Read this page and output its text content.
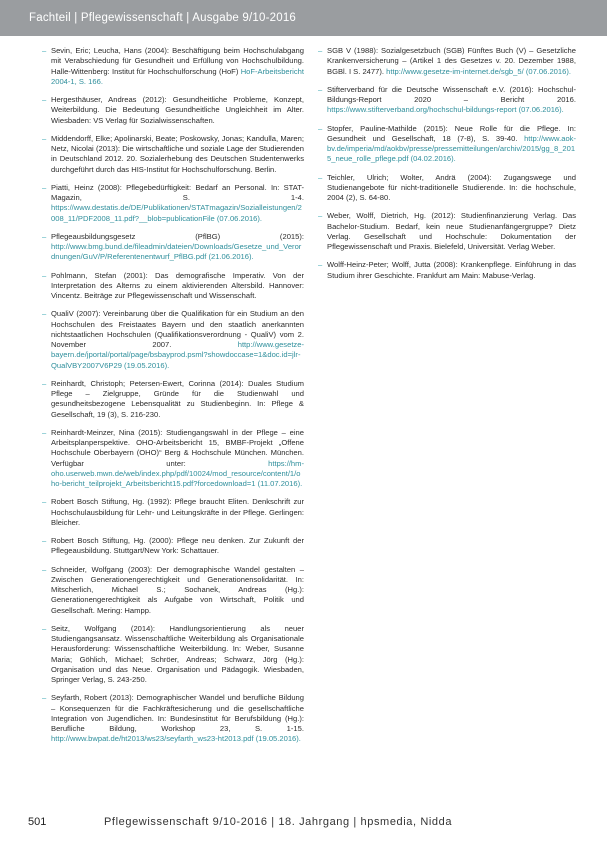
Fachteil | Pflegewissenschaft | Ausgabe 9/10-2016
– Sevin, Eric; Leucha, Hans (2004): Beschäftigung beim Hochschulabgang mit Verabschiedung für Gesundheit und Erfüllung von Hochschulbildung. Halle-Wittenberg: Institut für Hochschulforschung (HoF) HoF-Arbeitsbericht 2004-1, S. 166.
– Hergesthäuser, Andreas (2012): Gesundheitliche Probleme, Konzept, Weiterbildung. Die Bedeutung Gesundheitliche Ungleichheit im Alter. Wiesbaden: VS Verlag für Sozialwissenschaften.
– Middendorff, Elke; Apolinarski, Beate; Poskowsky, Jonas; Kandulla, Maren; Netz, Nicolai (2013): Die wirtschaftliche und soziale Lage der Studierenden in Deutschland 2012. 20. Sozialerhebung des Deutschen Studentenwerks durchgeführt durch das HIS-Institut für Hochschulforschung. Berlin.
– Piatti, Heinz (2008): Pflegebedürftigkeit: Bedarf an Personal. In: STAT-Magazin, S. 1-4. https://www.destatis.de/DE/Publikationen/STATmagazin/Sozialleistungen/2008_11/PDF2008_11.pdf?__blob=publicationFile (07.06.2016).
– Pflegeausbildungsgesetz (PflBG) (2015): http://www.bmg.bund.de/fileadmin/dateien/Downloads/Gesetze_und_Verordnungen/GuV/P/Referentenentwurf_PflBG.pdf (21.06.2016).
– Pohlmann, Stefan (2001): Das demografische Imperativ. Von der Interpretation des Alterns zu einem aktivierenden Altersbild. Hannover: Vincentz. Beiträge zur Pflegewissenschaft und Wissenschaft.
– QualiV (2007): Vereinbarung über die Qualifikation für ein Studium an den Hochschulen des Freistaates Bayern und den staatlich anerkannten nichtstaatlichen Hochschulen (Qualifikationsverordnung - QualiV) vom 2. November 2007.	http://www.gesetze-bayern.de/jportal/portal/page/bsbayprod.psml?showdoccase=1&doc.id=jlr-QualVBY2007V6P29 (19.05.2016).
– Reinhardt, Christoph; Petersen-Ewert, Corinna (2014): Duales Studium Pflege – Zielgruppe, Gründe für die Studienwahl und gesundheitsbezogene Lebensqualität zu Studienbeginn. In: Pflege & Gesellschaft, 19 (3), S. 216-230.
– Reinhardt-Meinzer, Nina (2015): Studiengangswahl in der Pflege – eine Arbeitsplanperspektive. OHO-Arbeitsbericht 15, BMBF-Projekt „Offene Hochschule Oberbayern (OHO)“ Berg & Hochschule München. München. Verfügbar unter:	https://hm-oho.userweb.mwn.de/web/index.php/pdf/10024/mod_resource/content/1/oho-bericht_teilprojekt_Arbeitsbericht15.pdf?forcedownload=1 (11.07.2016).
– Robert Bosch Stiftung, Hg. (1992): Pflege braucht Eliten. Denkschrift zur Hochschulausbildung für Lehr- und Leitungskräfte in der Pflege. Gerlingen: Bleicher.
– Robert Bosch Stiftung, Hg. (2000): Pflege neu denken. Zur Zukunft der Pflegeausbildung. Stuttgart/New York: Schattauer.
– Schneider, Wolfgang (2003): Der demographische Wandel gestalten – Zwischen Generationengerechtigkeit und Generationensolidarität. In: Mitscherlich, Michael S.; Sochanek, Andreas (Hg.): Generationengerechtigkeit als Aufgabe von Wirtschaft, Politik und Gesellschaft. Mering: Hampp.
– Seitz, Wolfgang (2014): Handlungsorientierung als neuer Studiengangsansatz. Wissenschaftliche Weiterbildung als Organisationale Herausforderung: Wissenschaftliche Weiterbildung. In: Weber, Susanne Maria; Göhlich, Michael; Schröer, Andreas; Schwarz, Jörg (Hg.): Organisation und das Neue. Organisation und Pädagogik. Wiesbaden, Springer Verlag, S. 243-250.
– Seyfarth, Robert (2013): Demographischer Wandel und berufliche Bildung – Konsequenzen für die Fachkräftesicherung und die gesellschaftliche Integration von Jugendlichen. In: Bundesinstitut für Berufsbildung (Hg.): Berufliche Bildung, Workshop 23, S. 1-15. http://www.bwpat.de/ht2013/ws23/seyfarth_ws23-ht2013.pdf (19.05.2016).
– SGB V (1988): Sozialgesetzbuch (SGB) Fünftes Buch (V) – Gesetzliche Krankenversicherung – (Artikel 1 des Gesetzes v. 20. Dezember 1988, BGBl. I S. 2477). http://www.gesetze-im-internet.de/sgb_5/ (07.06.2016).
– Stifterverband für die Deutsche Wissenschaft e.V. (2016): Hochschul-Bildungs-Report 2020 – Bericht 2016. https://www.stifterverband.org/hochschul-bildungs-report (07.06.2016).
– Stopfer, Pauline-Mathilde (2015): Neue Rolle für die Pflege. In: Gesundheit und Gesellschaft, 18 (7-8), S. 39-40. http://www.aok-bv.de/imperia/md/aokbv/presse/pressemitteilungen/archiv/2015/gg_8_2015_neue_rolle_pflege.pdf (04.02.2016).
– Teichler, Ulrich; Wolter, Andrä (2004): Zugangswege und Studienangebote für nicht-traditionelle Studierende. In: die hochschule, 2004 (2), S. 64-80.
– Weber, Wolff, Dietrich, Hg. (2012): Studienfinanzierung Verlag. Das Bachelor-Studium. Bedarf, kein neue Studienanfängergruppe? Dietz Verlag. Gesellschaft und Hochschule: Dokumentation der Pflegewissenschaft und Praxis. Bielefeld, Universität. Verlag Weber.
– Wolff-Heinz-Peter; Wolff, Jutta (2008): Krankenpflege. Einführung in das Studium ihrer Geschichte. Frankfurt am Main: Mabuse-Verlag.
501	Pflegewissenschaft 9/10-2016 | 18. Jahrgang | hpsmedia, Nidda
